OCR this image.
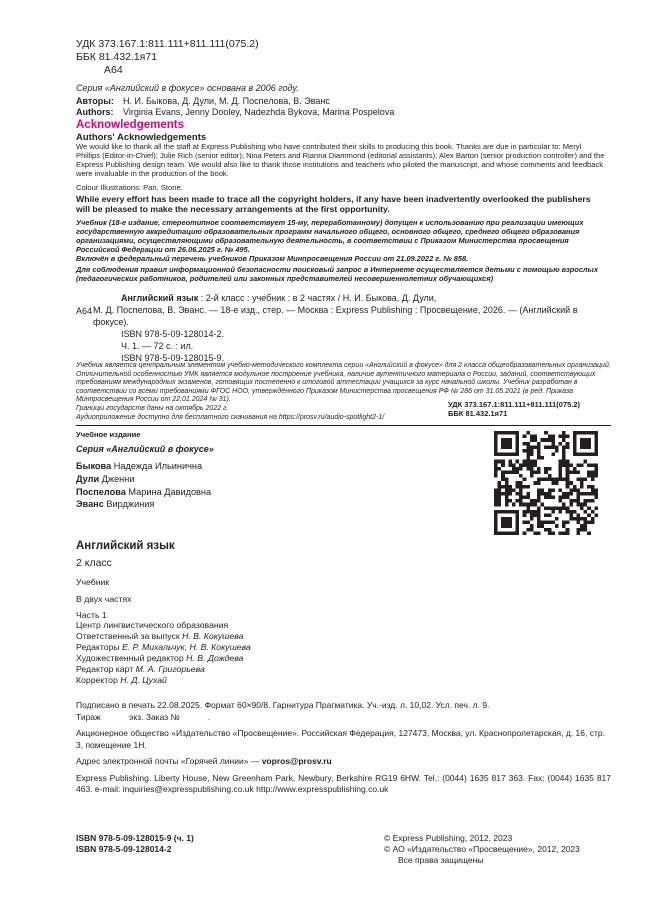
УДК 373.167.1:811.111+811.111(075.2)
ББК 81.432.1я71
А64
Серия «Английский в фокусе» основана в 2006 году.
Авторы: Н. И. Быкова, Д. Дули, М. Д. Поспелова, В. Эванс
Authors: Virginia Evans, Jenny Dooley, Nadezhda Bykova, Marina Pospelova
Acknowledgements
Authors' Acknowledgements
We would like to thank all the staff at Express Publishing who have contributed their skills to producing this book. Thanks are due in particular to: Meryl Phillips (Editor-in-Chief); Julie Rich (senior editor); Nina Peters and Rianna Diammond (editorial assistants); Alex Barton (senior production controller) and the Express Publishing design team. We would also like to thank those institutions and teachers who piloted the manuscript, and whose comments and feedback were invaluable in the production of the book.
Colour Illustrations: Pan, Stone.
While every effort has been made to trace all the copyright holders, if any have been inadvertently overlooked the publishers will be pleased to make the necessary arrangements at the first opportunity.
Учебник (18-е издание, стереотипное соответствует 15-му, переработанному) допущен к использованию при реализации имеющих государственную аккредитацию образовательных программ начального общего, основного общего, среднего общего образования организациями, осуществляющими образовательную деятельность, в соответствии с Приказом Министерства просвещения Российской Федерации от 26.06.2025 г. № 495.
Включён в федеральный перечень учебников Приказом Минпросвещения России от 21.09.2022 г. № 858.
Для соблюдения правил информационной безопасности поисковый запрос в Интернете осуществляется детьми с помощью взрослых (педагогических работников, родителей или законных представителей несовершеннолетних обучающихся)
А64
Английский язык : 2-й класс : учебник : в 2 частях / Н. И. Быкова, Д. Дули,
М. Д. Поспелова, В. Эванс. — 18-е изд., стер. — Москва : Express Publishing : Просвещение, 2026. — (Английский в фокусе).
ISBN 978-5-09-128014-2.
Ч. 1. — 72 с. : ил.
ISBN 978-5-09-128015-9.
Учебник является центральным элементом учебно-методического комплекта серии «Английский в фокусе» для 2 класса общеобразовательных организаций. Отличительной особенностью УМК является модульное построение учебника, наличие аутентичного материала о России, заданий, соответствующих требованиям международных экзаменов, готовящих постепенно к итоговой аттестации учащихся за курс начальной школы. Учебник разработан в соответствии со всеми требованиями ФГОС НОО, утверждённого Приказом Министерства просвещения РФ № 286 от 31.05.2021 (в ред. Приказа Минпросвещения России от 22.01.2024 № 31).
Границы государств даны на октябрь 2022 г.
Аудиоприложение доступно для бесплатного скачивания на https://prosv.ru/audio-spotlight2-1/
УДК 373.167.1:811.111+811.111(075.2)
ББК 81.432.1я71
Учебное издание
Серия «Английский в фокусе»
Быкова Надежда Ильинична
Дули Дженни
Поспелова Марина Давидовна
Эванс Вирджиния
Английский язык
2 класс
Учебник
В двух частях
Часть 1
Центр лингвистического образования
Ответственный за выпуск Н. В. Кокушева
Редакторы Е. Р. Михальчук, Н. В. Кокушева
Художественный редактор Н. В. Дождева
Редактор карт М. А. Григорьева
Корректор Н. Д. Цухай
Подписано в печать 22.08.2025. Формат 60×90/8. Гарнитура Прагматика. Уч.-изд. л. 10,02. Усл. печ. л. 9.
Тираж            экз. Заказ №            .
Акционерное общество «Издательство «Просвещение». Российская Федерация, 127473, Москва, ул. Краснопролетарская, д. 16, стр. 3, помещение 1Н.
Адрес электронной почты «Горячей линии» — vopros@prosv.ru
Express Publishing. Liberty House, New Greenham Park, Newbury, Berkshire RG19 6HW. Tel.: (0044) 1635 817 363. Fax: (0044) 1635 817 463. e-mail: inquiries@expresspublishing.co.uk http://www.expresspublishing.co.uk
ISBN 978-5-09-128015-9 (ч. 1)
ISBN 978-5-09-128014-2
© Express Publishing, 2012, 2023
© АО «Издательство «Просвещение», 2012, 2023
Все права защищены
